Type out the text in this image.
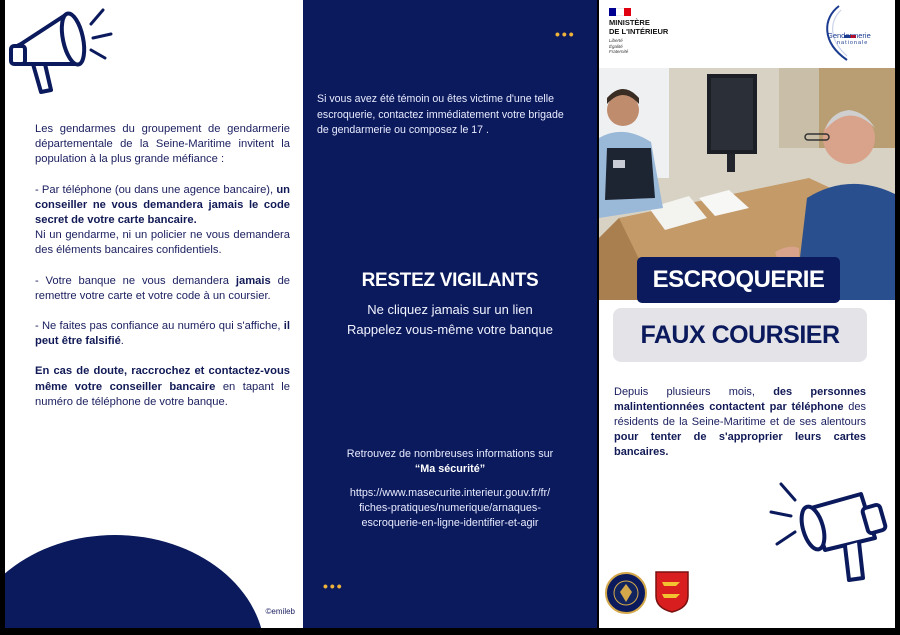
Les gendarmes du groupement de gendarmerie départementale de la Seine-Maritime invitent la population à la plus grande méfiance :

- Par téléphone (ou dans une agence bancaire), un conseiller ne vous demandera jamais le code secret de votre carte bancaire.
Ni un gendarme, ni un policier ne vous demandera des éléments bancaires confidentiels.

- Votre banque ne vous demandera jamais de remettre votre carte et votre code à un coursier.

- Ne faites pas confiance au numéro qui s'affiche, il peut être falsifié.

En cas de doute, raccrochez et contactez-vous même votre conseiller bancaire en tapant le numéro de téléphone de votre banque.

©emileb
•••
Si vous avez été témoin ou êtes victime d'une telle escroquerie, contactez immédiatement votre brigade de gendarmerie ou composez le 17 .
RESTEZ VIGILANTS
Ne cliquez jamais sur un lien
Rappelez vous-même votre banque
Retrouvez de nombreuses informations sur
“Ma sécurité”
https://www.masecurite.interieur.gouv.fr/fr/
fiches-pratiques/numerique/arnaques-
escroquerie-en-ligne-identifier-et-agir
•••
MINISTÈRE
DE L'INTÉRIEUR
Liberté
Égalité
Fraternité
Gendarmerie
nationale
ESCROQUERIE
FAUX COURSIER
Depuis plusieurs mois, des personnes malintentionnées contactent par téléphone des résidents de la Seine-Maritime et de ses alentours pour tenter de s'approprier leurs cartes bancaires.
